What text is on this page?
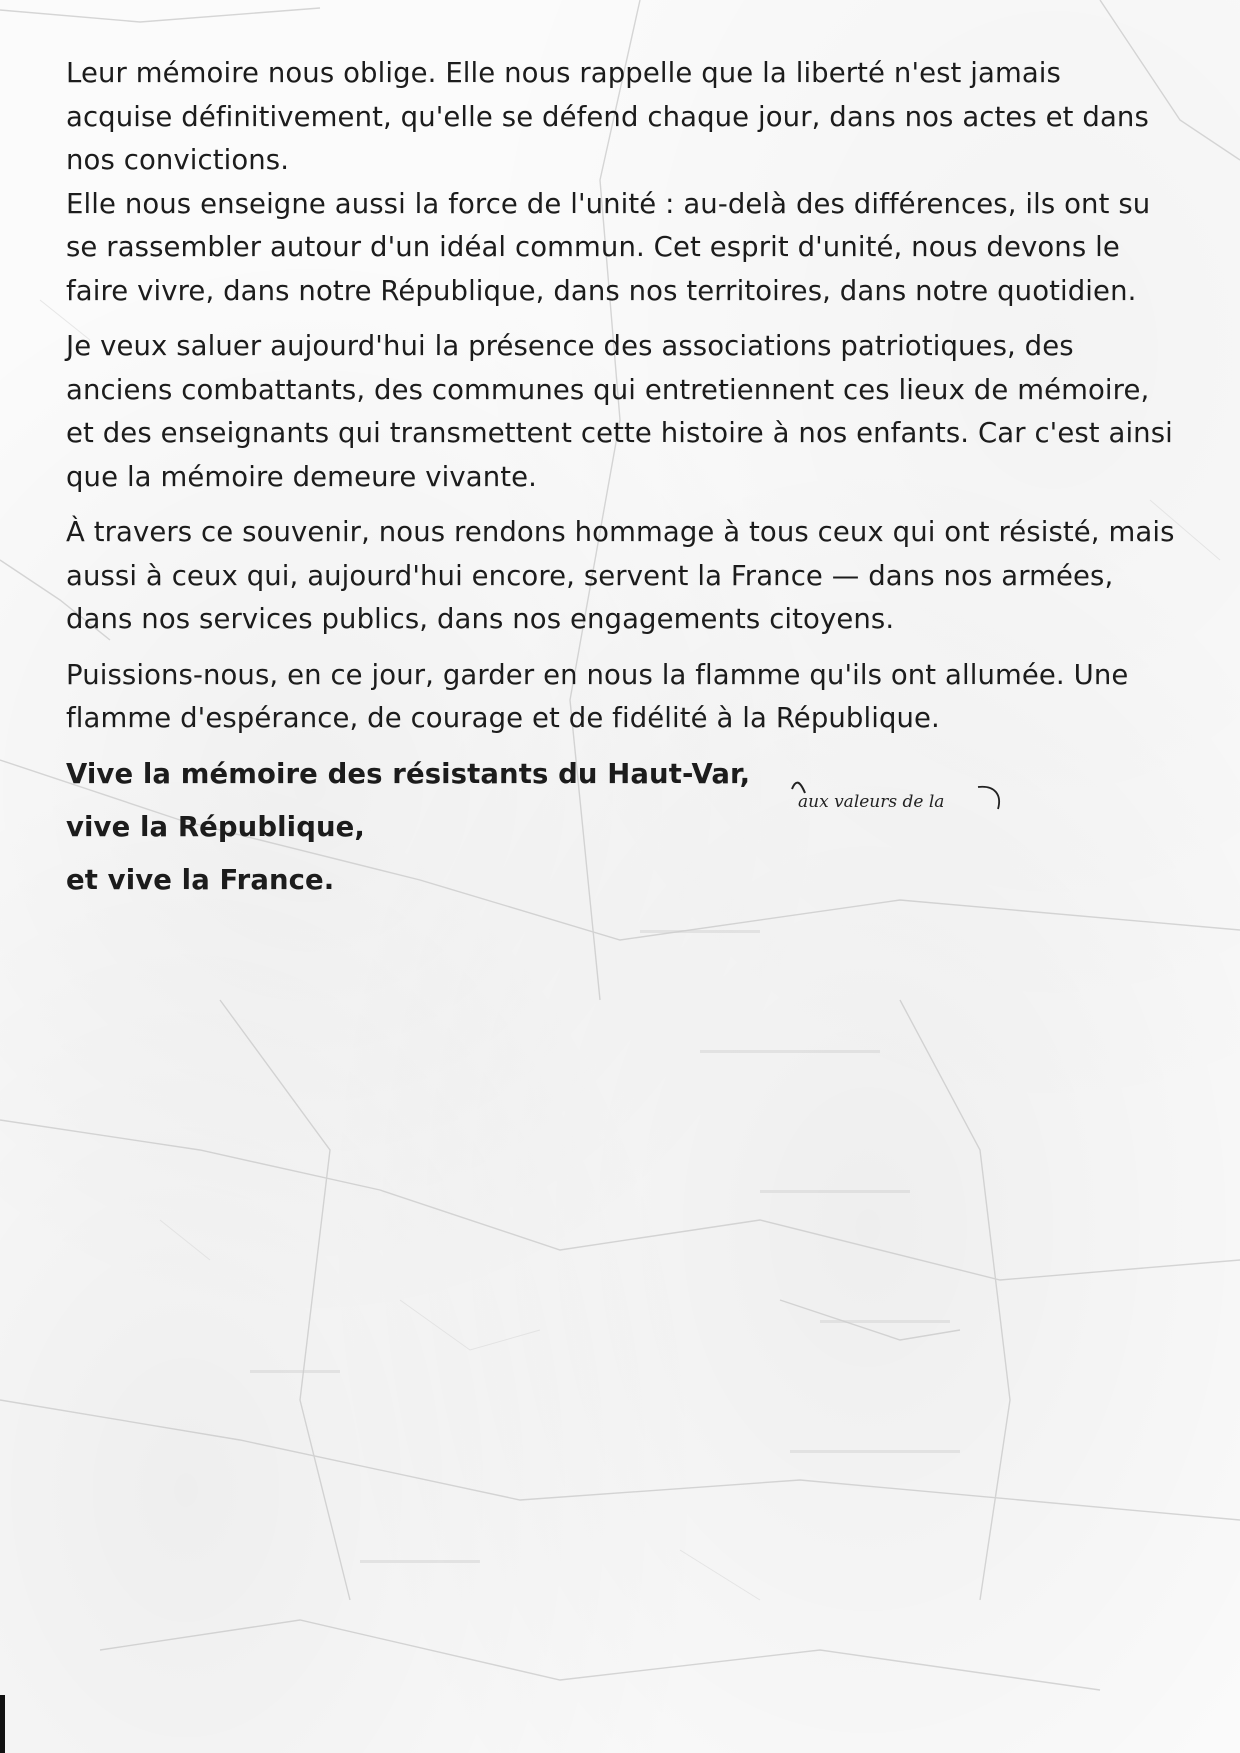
Leur mémoire nous oblige. Elle nous rappelle que la liberté n'est jamais acquise définitivement, qu'elle se défend chaque jour, dans nos actes et dans nos convictions.

Elle nous enseigne aussi la force de l'unité : au-delà des différences, ils ont su se rassembler autour d'un idéal commun. Cet esprit d'unité, nous devons le faire vivre, dans notre République, dans nos territoires, dans notre quotidien.

Je veux saluer aujourd'hui la présence des associations patriotiques, des anciens combattants, des communes qui entretiennent ces lieux de mémoire, et des enseignants qui transmettent cette histoire à nos enfants. Car c'est ainsi que la mémoire demeure vivante.

À travers ce souvenir, nous rendons hommage à tous ceux qui ont résisté, mais aussi à ceux qui, aujourd'hui encore, servent la France — dans nos armées, dans nos services publics, dans nos engagements citoyens.

Puissions-nous, en ce jour, garder en nous la flamme qu'ils ont allumée. Une flamme d'espérance, de courage et de fidélité à la République.

Vive la mémoire des résistants du Haut-Var,

vive la République,

et vive la France.

aux valeurs de la
